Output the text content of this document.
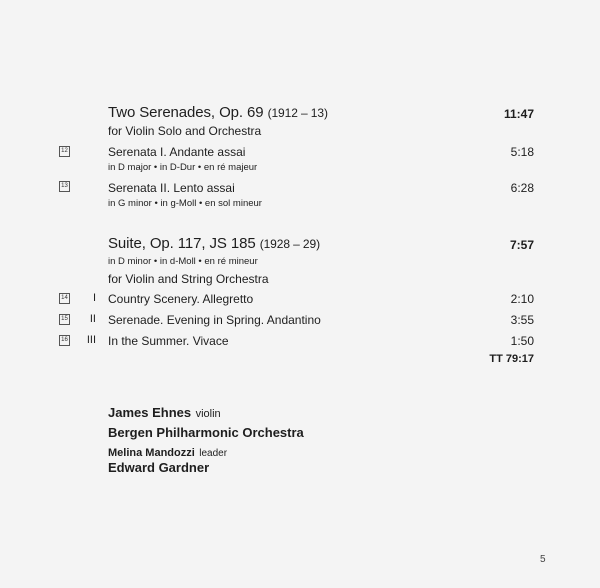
Two Serenades, Op. 69 (1912 – 13)	11:47
for Violin Solo and Orchestra
12	Serenata I. Andante assai	5:18
in D major • in D-Dur • en ré majeur
13	Serenata II. Lento assai	6:28
in G minor • in g-Moll • en sol mineur
Suite, Op. 117, JS 185 (1928 – 29)	7:57
in D minor • in d-Moll • en ré mineur
for Violin and String Orchestra
14	I Country Scenery. Allegretto	2:10
15	II Serenade. Evening in Spring. Andantino	3:55
16	III In the Summer. Vivace	1:50
TT 79:17
James Ehnes violin
Bergen Philharmonic Orchestra
Melina Mandozzi leader
Edward Gardner
5
